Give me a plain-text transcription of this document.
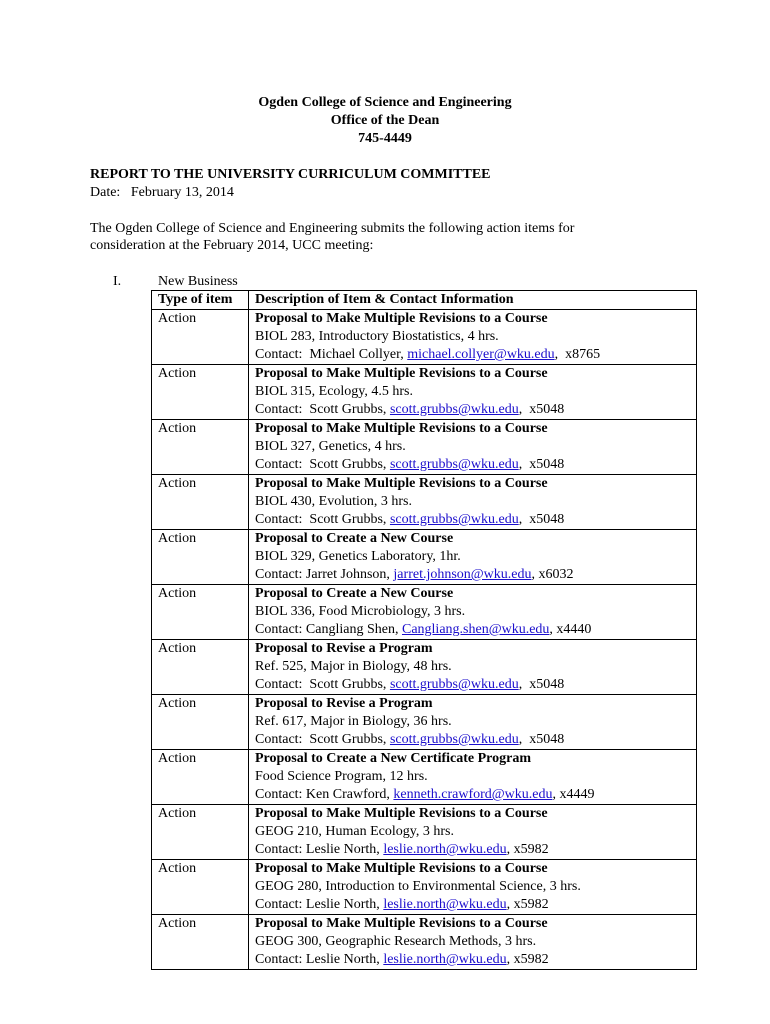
Ogden College of Science and Engineering
Office of the Dean
745-4449
REPORT TO THE UNIVERSITY CURRICULUM COMMITTEE
Date: February 13, 2014
The Ogden College of Science and Engineering submits the following action items for
consideration at the February 2014, UCC meeting:
I.	New Business
Type of item	Description of Item & Contact Information
Action	Proposal to Make Multiple Revisions to a Course
BIOL 283, Introductory Biostatistics, 4 hrs.
Contact:  Michael Collyer, michael.collyer@wku.edu,  x8765

Action	Proposal to Make Multiple Revisions to a Course
BIOL 315, Ecology, 4.5 hrs.
Contact:  Scott Grubbs, scott.grubbs@wku.edu,  x5048

Action	Proposal to Make Multiple Revisions to a Course
BIOL 327, Genetics, 4 hrs.
Contact:  Scott Grubbs, scott.grubbs@wku.edu,  x5048

Action	Proposal to Make Multiple Revisions to a Course
BIOL 430, Evolution, 3 hrs.
Contact:  Scott Grubbs, scott.grubbs@wku.edu,  x5048

Action	Proposal to Create a New Course
BIOL 329, Genetics Laboratory, 1hr.
Contact: Jarret Johnson, jarret.johnson@wku.edu, x6032

Action	Proposal to Create a New Course
BIOL 336, Food Microbiology, 3 hrs.
Contact: Cangliang Shen, Cangliang.shen@wku.edu, x4440

Action	Proposal to Revise a Program
Ref. 525, Major in Biology, 48 hrs.
Contact:  Scott Grubbs, scott.grubbs@wku.edu,  x5048

Action	Proposal to Revise a Program
Ref. 617, Major in Biology, 36 hrs.
Contact:  Scott Grubbs, scott.grubbs@wku.edu,  x5048

Action	Proposal to Create a New Certificate Program
Food Science Program, 12 hrs.
Contact: Ken Crawford, kenneth.crawford@wku.edu, x4449

Action	Proposal to Make Multiple Revisions to a Course
GEOG 210, Human Ecology, 3 hrs.
Contact: Leslie North, leslie.north@wku.edu, x5982

Action	Proposal to Make Multiple Revisions to a Course
GEOG 280, Introduction to Environmental Science, 3 hrs.
Contact: Leslie North, leslie.north@wku.edu, x5982

Action	Proposal to Make Multiple Revisions to a Course
GEOG 300, Geographic Research Methods, 3 hrs.
Contact: Leslie North, leslie.north@wku.edu, x5982
